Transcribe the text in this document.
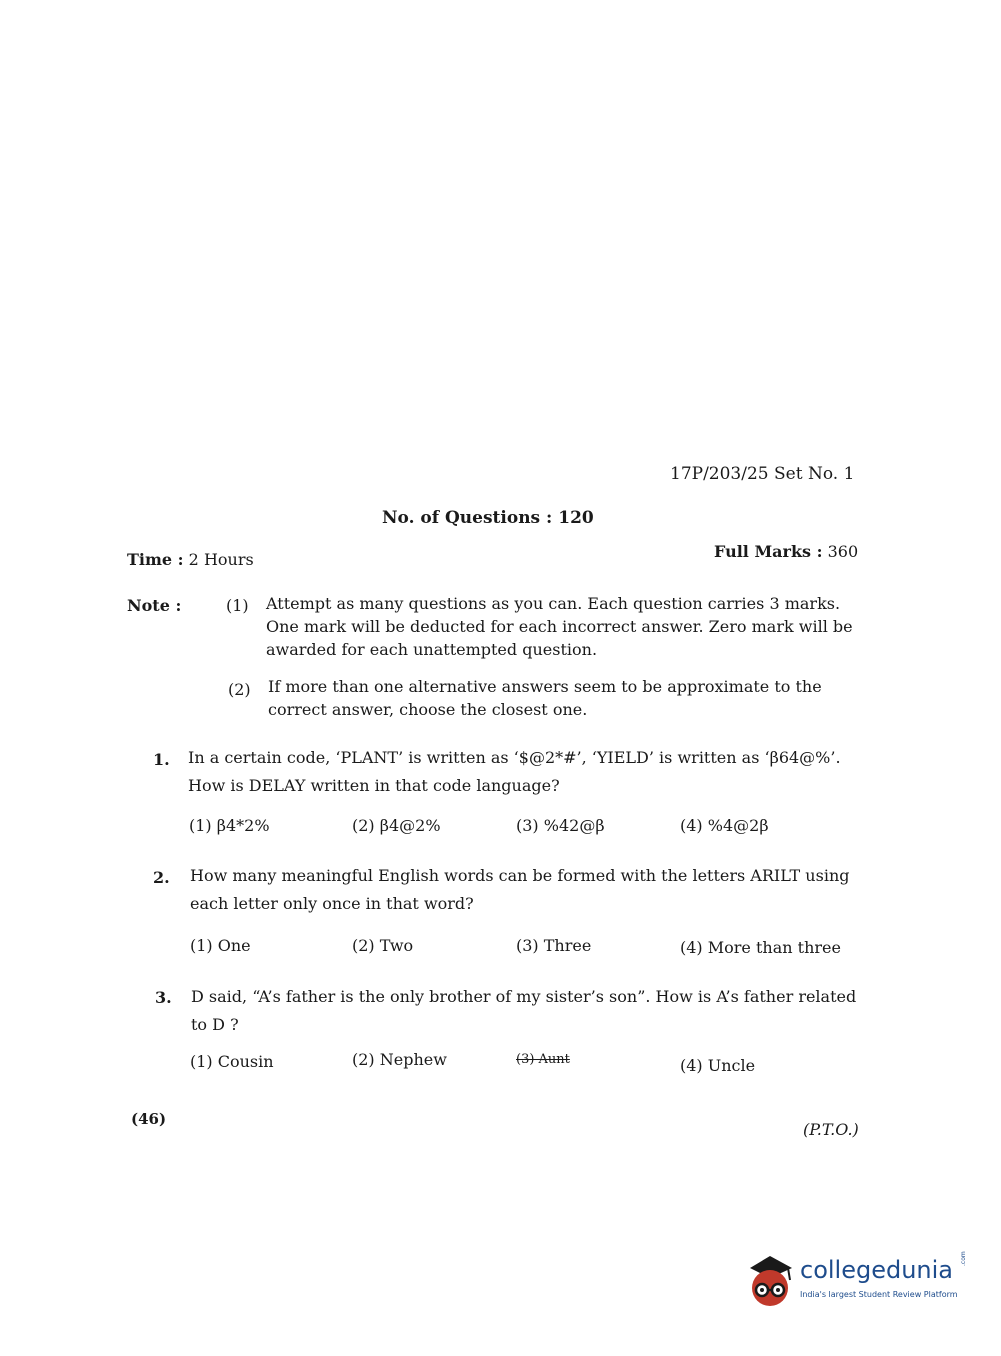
17P/203/25 Set No. 1
No. of Questions : 120
Time : 2 Hours	Full Marks : 360
Note :	(1) Attempt as many questions as you can. Each question carries 3 marks. One mark will be deducted for each incorrect answer. Zero mark will be awarded for each unattempted question.
(2) If more than one alternative answers seem to be approximate to the correct answer, choose the closest one.
1. In a certain code, ‘PLANT’ is written as ‘$@2*#’, ‘YIELD’ is written as ‘β64@%’. How is DELAY written in that code language?
(1) β4*2%	(2) β4@2%	(3) %42@β	(4) %4@2β
2. How many meaningful English words can be formed with the letters ARILT using each letter only once in that word?
(1) One	(2) Two	(3) Three	(4) More than three
3. D said, “A’s father is the only brother of my sister’s son”. How is A’s father related to D ?
(1) Cousin	(2) Nephew	(3) Aunt	(4) Uncle
(46)
(P.T.O.)
collegedunia .com
India's largest Student Review Platform
